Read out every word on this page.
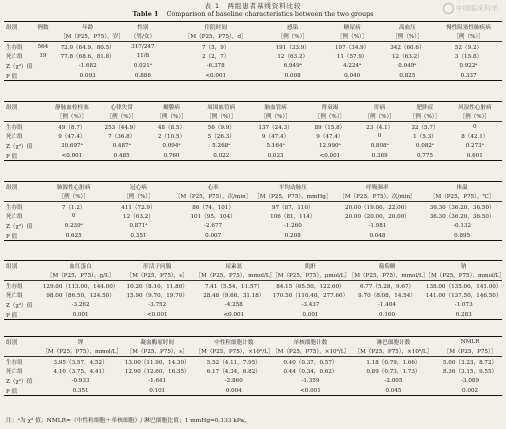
表 1　两组患者基线资料比较
Table 1 Comparison of baseline characteristics between the two groups
中国临床科学
组别	例数	年龄	性别	住院时间	感染	糖尿病	高血压	慢性阻塞性肺疾病
		［M（P25，P75），岁］	（男/女）	［M（P25，P75），d］	［例（%）］	［例（%）］	［例（%）］	［例（%）］
生存组	564	72.9（64.9，80.5）	317/247	7（5，9）	191（33.9）	197（34.9）	342（60.6）	52（9.2）
死亡组	19	77.8（68.6，81.8）	11/8	2（2，7）	12（63.2）	11（57.9）	12（63.2）	3（15.8）
Z（χ²）值		-1.682	0.021ᵃ	-6.378	6.949ᵃ	4.224ᵃ	0.049ᵃ	0.922ᵃ
P 值		0.093	0.886	<0.001	0.008	0.040	0.825	0.337
组别	静脉血栓栓塞	心律失常	瓣膜病	周围血管病	脑血管病	肾衰竭	肝病	肥胖症	风湿性心脏病
	［例（%）］	［例（%）］	［例（%）］	［例（%）］	［例（%）］	［例（%）］	［例（%）］	［例（%）］	［例（%）］
生存组	49（8.7）	253（44.9）	48（8.5）	56（9.9）	137（24.3）	89（15.8）	23（4.1）	32（5.7）	0
死亡组	9（47.4）	7（36.8）	2（10.5）	5（26.3）	9（47.4）	9（47.4）	0	1（5.3）	8（42.1）
Z（χ²）值	30.697ᵃ	0.487ᵃ	0.094ᵃ	5.268ᵃ	5.164ᵃ	12.990ᵃ	0.808ᵃ	0.082ᵃ	0.273ᵃ
P 值	<0.001	0.485	0.760	0.022	0.023	<0.001	0.369	0.775	0.601
组别	肺源性心脏病	冠心病	心率	平均动脉压	呼吸频率	体温
	［例（%）］	［例（%）］	［M（P25，P75），次/min］	［M（P25，P75），mmHg］	［M（P25，P75），次/min］	［M（P25，P75），℃］
生存组	7（1.2）	411（72.9）	86（74，101）	97（87，110）	20.00（19.00，22.00）	36.30（36.20，36.50）
死亡组	0	12（63.2）	101（95，104）	106（81，114）	20.00（20.00，20.00）	36.30（36.20，36.50）
Z（χ²）值	0.239ᵃ	0.871ᵃ	-2.677	-1.260	-1.981	-0.132
P 值	0.625	0.351	0.007	0.208	0.048	0.895
组别	血红蛋白	肝活子问腺	尿素氮	肌酐	葡萄糖	钠
	［M（P25，P75），g/L］	［M（P25，P75），s］	［M（P25，P75），mmol/L］	［M（P25，P75），μmol/L］	［M（P25，P75），mmol/L］	［M（P25，P75），mmol/L］
生存组	129.00（113.00，144.00）	10.20（8.10，11.80）	7.41（5.54，11.57）	84.15（65.50，122.60）	6.77（5.28，9.67）	138.00（135.00，141.00）
死亡组	98.00（86.50，124.50）	15.90（9.70，19.70）	28.48（9.66，31.18）	170.50（110.40，277.60）	9.70（8.08，14.54）	141.00（137.50，146.50）
Z（χ²）值	-3.262	-3.752	-4.258	-3.437	-1.404	-1.073
P 值	0.001	<0.001	<0.001	0.001	0.160	0.283
组别	钾	凝血酶原时间	中性粒细胞计数	单核细胞计数	淋巴细胞计数	NMLR
	［M（P25，P75），mmol/L］	［M（P25，P75），s］	［M（P25，P75），×10⁹/L］	［M（P25，P75），×10⁹/L］	［M（P25，P75），×10⁹/L］	［M（P25，P75）］
生存组	3.95（3.57，4.52）	13.00（11.90，14.30）	5.52（4.11，7.95）	0.40（0.37，0.57）	1.18（0.79，1.66）	5.00（3.23，8.72）
死亡组	4.10（3.75，4.41）	12.90（12.60，16.35）	6.17（4.34，6.82）	0.44（0.34，0.62）	0.89（0.73，1.73）	8.36（3.15，9.55）
Z（χ²）值	-0.933	-1.641	-2.860	-1.359	-2.005	-3.089
P 值	0.351	0.101	0.004	<0.001	0.045	0.002
注：ᵃ为 χ² 值；NMLR=（中性粒细胞＋单核细胞）/ 淋巴细胞比值；1 mmHg=0.133 kPa。
